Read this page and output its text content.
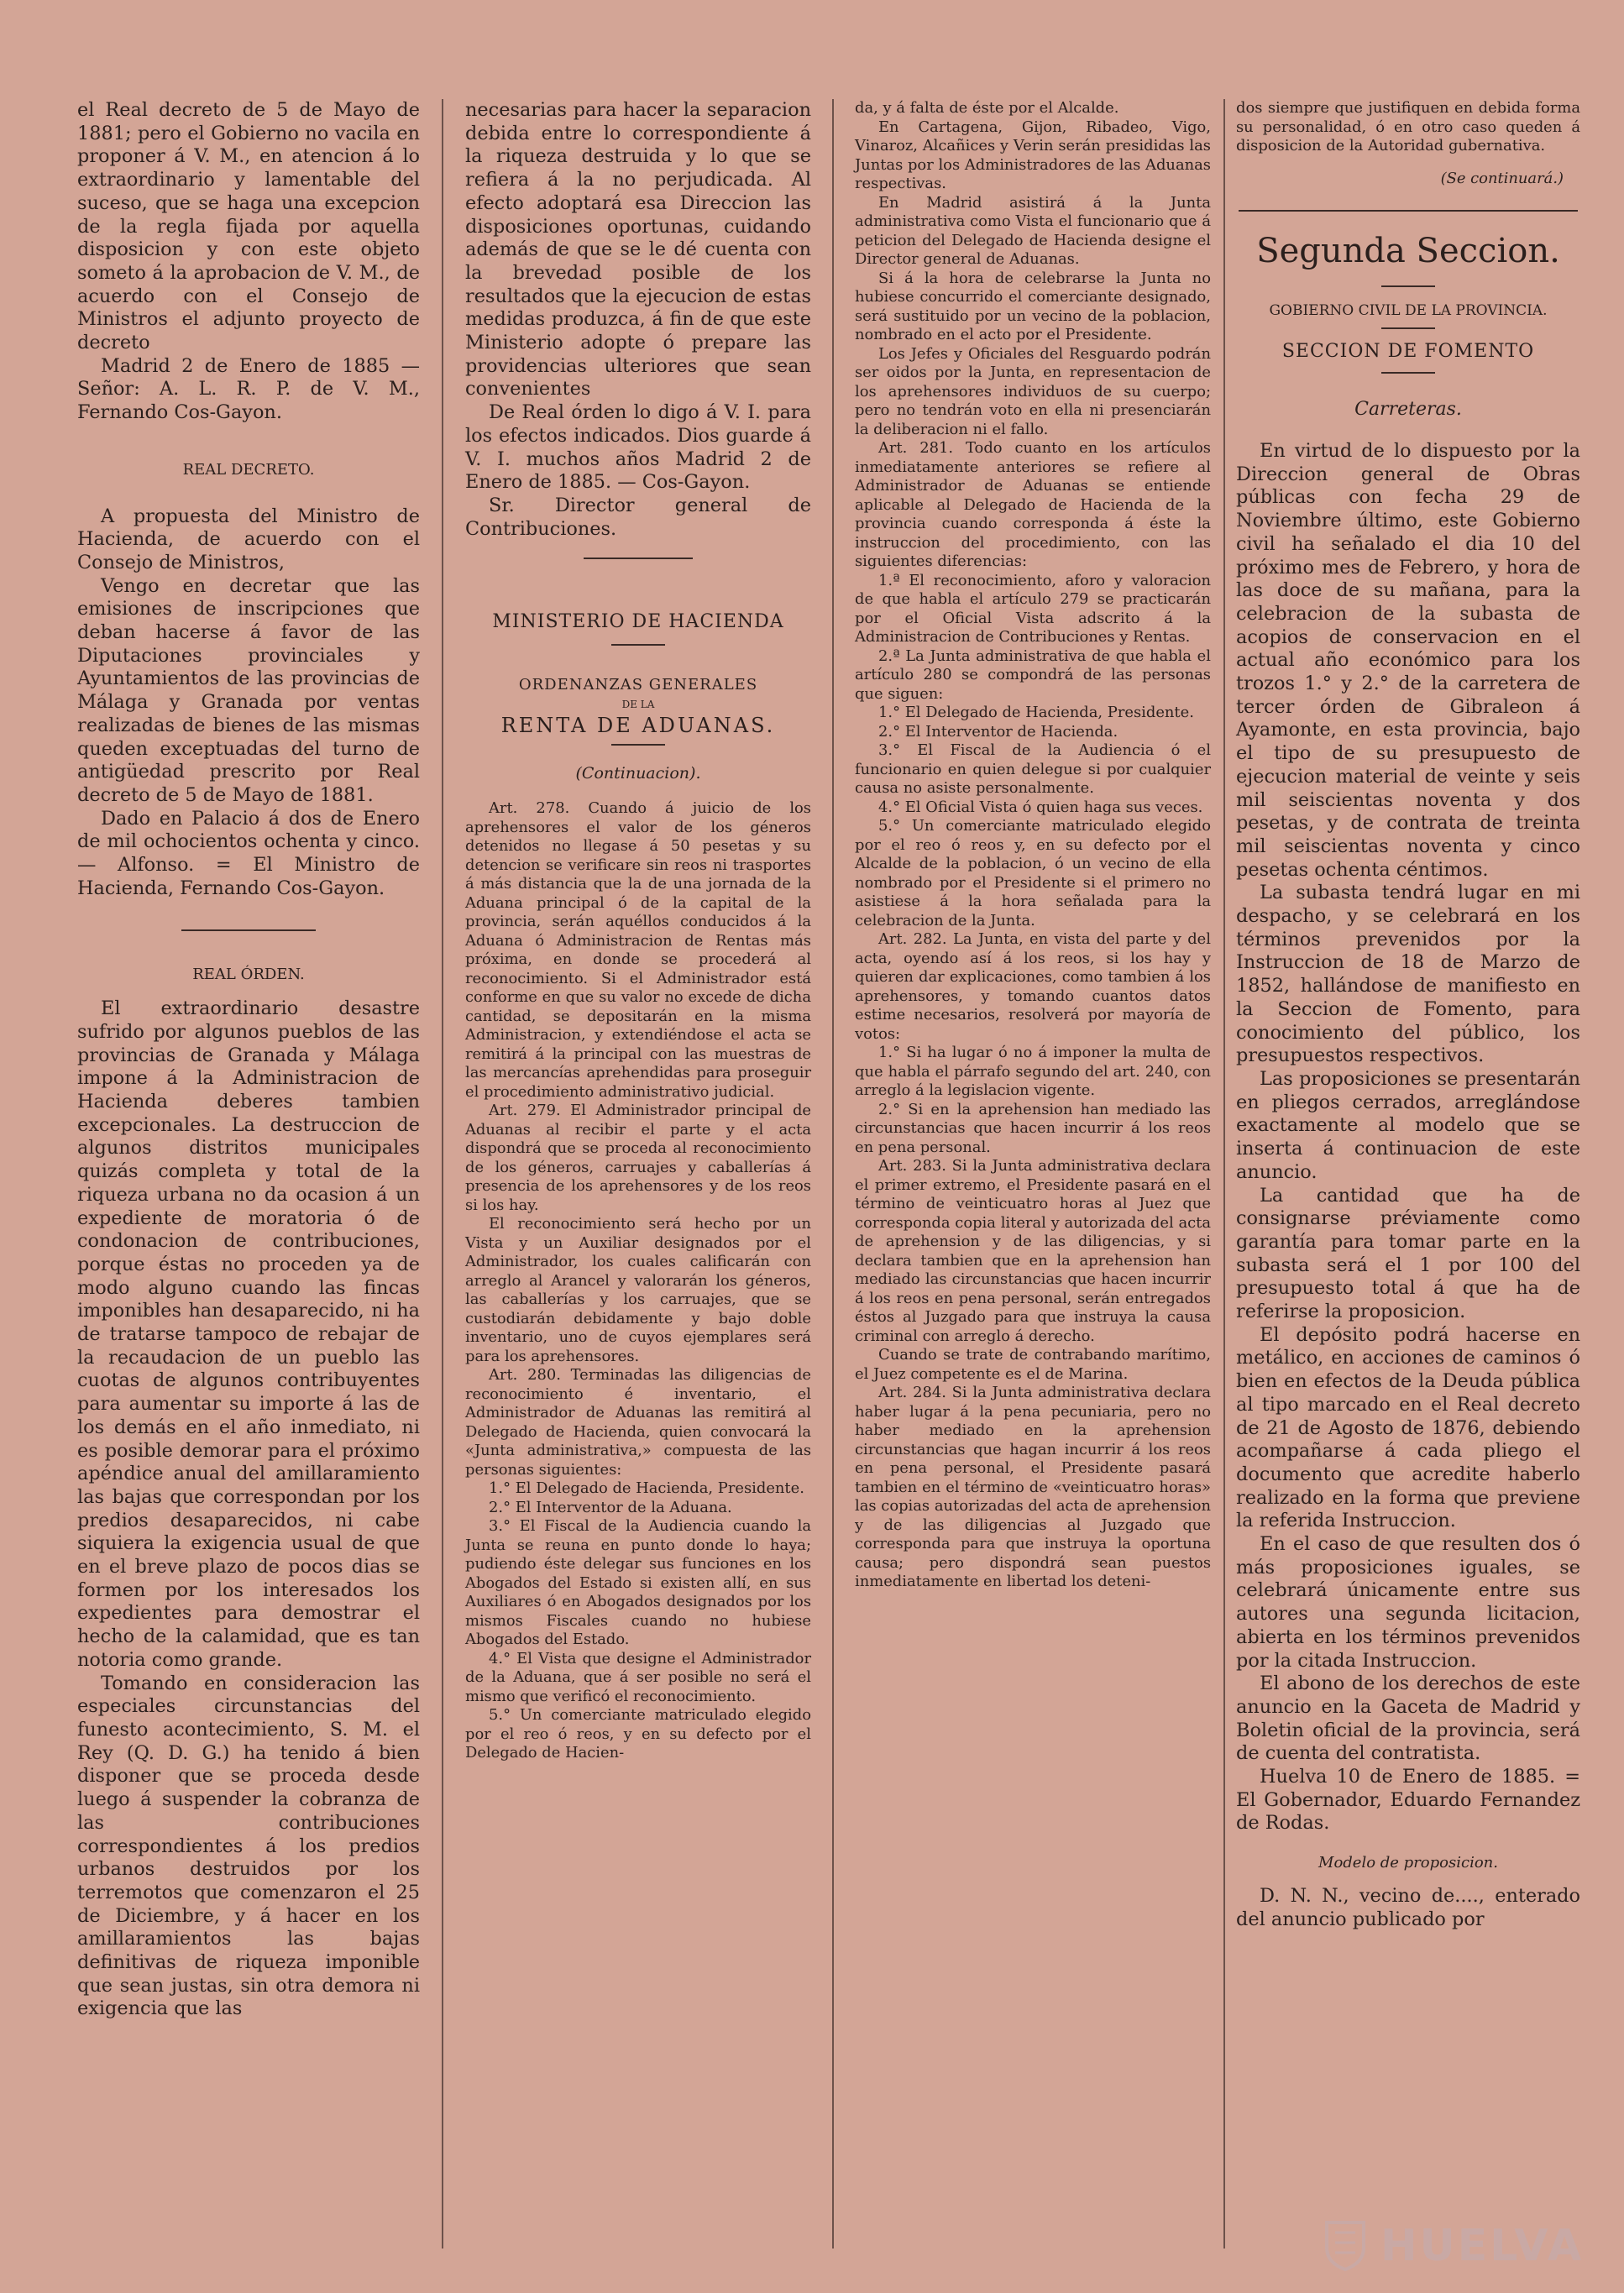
el Real decreto de 5 de Mayo de 1881; pero el Gobierno no vacila en proponer á V. M., en atencion á lo extraordinario y lamentable del suceso, que se haga una excepcion de la regla fijada por aquella disposicion y con este objeto someto á la aprobacion de V. M., de acuerdo con el Consejo de Ministros el adjunto proyecto de decreto

Madrid 2 de Enero de 1885 — Señor: A. L. R. P. de V. M., Fernando Cos-Gayon.

REAL DECRETO.

A propuesta del Ministro de Hacienda, de acuerdo con el Consejo de Ministros,

Vengo en decretar que las emisiones de inscripciones que deban hacerse á favor de las Diputaciones provinciales y Ayuntamientos de las provincias de Málaga y Granada por ventas realizadas de bienes de las mismas queden exceptuadas del turno de antigüedad prescrito por Real decreto de 5 de Mayo de 1881.

Dado en Palacio á dos de Enero de mil ochocientos ochenta y cinco. — Alfonso. = El Ministro de Hacienda, Fernando Cos-Gayon.

REAL ÓRDEN.

El extraordinario desastre sufrido por algunos pueblos de las provincias de Granada y Málaga impone á la Administracion de Hacienda deberes tambien excepcionales. La destruccion de algunos distritos municipales quizás completa y total de la riqueza urbana no da ocasion á un expediente de moratoria ó de condonacion de contribuciones, porque éstas no proceden ya de modo alguno cuando las fincas imponibles han desaparecido, ni ha de tratarse tampoco de rebajar de la recaudacion de un pueblo las cuotas de algunos contribuyentes para aumentar su importe á las de los demás en el año inmediato, ni es posible demorar para el próximo apéndice anual del amillaramiento las bajas que correspondan por los predios desaparecidos, ni cabe siquiera la exigencia usual de que en el breve plazo de pocos dias se formen por los interesados los expedientes para demostrar el hecho de la calamidad, que es tan notoria como grande.

Tomando en consideracion las especiales circunstancias del funesto acontecimiento, S. M. el Rey (Q. D. G.) ha tenido á bien disponer que se proceda desde luego á suspender la cobranza de las contribuciones correspondientes á los predios urbanos destruidos por los terremotos que comenzaron el 25 de Diciembre, y á hacer en los amillaramientos las bajas definitivas de riqueza imponible que sean justas, sin otra demora ni exigencia que las

necesarias para hacer la separacion debida entre lo correspondiente á la riqueza destruida y lo que se refiera á la no perjudicada. Al efecto adoptará esa Direccion las disposiciones oportunas, cuidando además de que se le dé cuenta con la brevedad posible de los resultados que la ejecucion de estas medidas produzca, á fin de que este Ministerio adopte ó prepare las providencias ulteriores que sean convenientes

De Real órden lo digo á V. I. para los efectos indicados. Dios guarde á V. I. muchos años Madrid 2 de Enero de 1885. — Cos-Gayon.

Sr. Director general de Contribuciones.

MINISTERIO DE HACIENDA

ORDENANZAS GENERALES

DE LA

RENTA DE ADUANAS.

(Continuacion).

Art. 278. Cuando á juicio de los aprehensores el valor de los géneros detenidos no llegase á 50 pesetas y su detencion se verificare sin reos ni trasportes á más distancia que la de una jornada de la Aduana principal ó de la capital de la provincia, serán aquéllos conducidos á la Aduana ó Administracion de Rentas más próxima, en donde se procederá al reconocimiento. Si el Administrador está conforme en que su valor no excede de dicha cantidad, se depositarán en la misma Administracion, y extendiéndose el acta se remitirá á la principal con las muestras de las mercancías aprehendidas para proseguir el procedimiento administrativo judicial.

Art. 279. El Administrador principal de Aduanas al recibir el parte y el acta dispondrá que se proceda al reconocimiento de los géneros, carruajes y caballerías á presencia de los aprehensores y de los reos si los hay.

El reconocimiento será hecho por un Vista y un Auxiliar designados por el Administrador, los cuales calificarán con arreglo al Arancel y valorarán los géneros, las caballerías y los carruajes, que se custodiarán debidamente y bajo doble inventario, uno de cuyos ejemplares será para los aprehensores.

Art. 280. Terminadas las diligencias de reconocimiento é inventario, el Administrador de Aduanas las remitirá al Delegado de Hacienda, quien convocará la «Junta administrativa,» compuesta de las personas siguientes:

1.° El Delegado de Hacienda, Presidente.

2.° El Interventor de la Aduana.

3.° El Fiscal de la Audiencia cuando la Junta se reuna en punto donde lo haya; pudiendo éste delegar sus funciones en los Abogados del Estado si existen allí, en sus Auxiliares ó en Abogados designados por los mismos Fiscales cuando no hubiese Abogados del Estado.

4.° El Vista que designe el Administrador de la Aduana, que á ser posible no será el mismo que verificó el reconocimiento.

5.° Un comerciante matriculado elegido por el reo ó reos, y en su defecto por el Delegado de Hacien-

da, y á falta de éste por el Alcalde.

En Cartagena, Gijon, Ribadeo, Vigo, Vinaroz, Alcañices y Verin serán presididas las Juntas por los Administradores de las Aduanas respectivas.

En Madrid asistirá á la Junta administrativa como Vista el funcionario que á peticion del Delegado de Hacienda designe el Director general de Aduanas.

Si á la hora de celebrarse la Junta no hubiese concurrido el comerciante designado, será sustituido por un vecino de la poblacion, nombrado en el acto por el Presidente.

Los Jefes y Oficiales del Resguardo podrán ser oidos por la Junta, en representacion de los aprehensores individuos de su cuerpo; pero no tendrán voto en ella ni presenciarán la deliberacion ni el fallo.

Art. 281. Todo cuanto en los artículos inmediatamente anteriores se refiere al Administrador de Aduanas se entiende aplicable al Delegado de Hacienda de la provincia cuando corresponda á éste la instruccion del procedimiento, con las siguientes diferencias:

1.ª El reconocimiento, aforo y valoracion de que habla el artículo 279 se practicarán por el Oficial Vista adscrito á la Administracion de Contribuciones y Rentas.

2.ª La Junta administrativa de que habla el artículo 280 se compondrá de las personas que siguen:

1.° El Delegado de Hacienda, Presidente.

2.° El Interventor de Hacienda.

3.° El Fiscal de la Audiencia ó el funcionario en quien delegue si por cualquier causa no asiste personalmente.

4.° El Oficial Vista ó quien haga sus veces.

5.° Un comerciante matriculado elegido por el reo ó reos y, en su defecto por el Alcalde de la poblacion, ó un vecino de ella nombrado por el Presidente si el primero no asistiese á la hora señalada para la celebracion de la Junta.

Art. 282. La Junta, en vista del parte y del acta, oyendo así á los reos, si los hay y quieren dar explicaciones, como tambien á los aprehensores, y tomando cuantos datos estime necesarios, resolverá por mayoría de votos:

1.° Si ha lugar ó no á imponer la multa de que habla el párrafo segundo del art. 240, con arreglo á la legislacion vigente.

2.° Si en la aprehension han mediado las circunstancias que hacen incurrir á los reos en pena personal.

Art. 283. Si la Junta administrativa declara el primer extremo, el Presidente pasará en el término de veinticuatro horas al Juez que corresponda copia literal y autorizada del acta de aprehension y de las diligencias, y si declara tambien que en la aprehension han mediado las circunstancias que hacen incurrir á los reos en pena personal, serán entregados éstos al Juzgado para que instruya la causa criminal con arreglo á derecho.

Cuando se trate de contrabando marítimo, el Juez competente es el de Marina.

Art. 284. Si la Junta administrativa declara haber lugar á la pena pecuniaria, pero no haber mediado en la aprehension circunstancias que hagan incurrir á los reos en pena personal, el Presidente pasará tambien en el término de «veinticuatro horas» las copias autorizadas del acta de aprehension y de las diligencias al Juzgado que corresponda para que instruya la oportuna causa; pero dispondrá sean puestos inmediatamente en libertad los deteni-

dos siempre que justifiquen en debida forma su personalidad, ó en otro caso queden á disposicion de la Autoridad gubernativa.

(Se continuará.)

Segunda Seccion.

GOBIERNO CIVIL DE LA PROVINCIA.

SECCION DE FOMENTO

Carreteras.

En virtud de lo dispuesto por la Direccion general de Obras públicas con fecha 29 de Noviembre último, este Gobierno civil ha señalado el dia 10 del próximo mes de Febrero, y hora de las doce de su mañana, para la celebracion de la subasta de acopios de conservacion en el actual año económico para los trozos 1.° y 2.° de la carretera de tercer órden de Gibraleon á Ayamonte, en esta provincia, bajo el tipo de su presupuesto de ejecucion material de veinte y seis mil seiscientas noventa y dos pesetas, y de contrata de treinta mil seiscientas noventa y cinco pesetas ochenta céntimos.

La subasta tendrá lugar en mi despacho, y se celebrará en los términos prevenidos por la Instruccion de 18 de Marzo de 1852, hallándose de manifiesto en la Seccion de Fomento, para conocimiento del público, los presupuestos respectivos.

Las proposiciones se presentarán en pliegos cerrados, arreglándose exactamente al modelo que se inserta á continuacion de este anuncio.

La cantidad que ha de consignarse préviamente como garantía para tomar parte en la subasta será el 1 por 100 del presupuesto total á que ha de referirse la proposicion.

El depósito podrá hacerse en metálico, en acciones de caminos ó bien en efectos de la Deuda pública al tipo marcado en el Real decreto de 21 de Agosto de 1876, debiendo acompañarse á cada pliego el documento que acredite haberlo realizado en la forma que previene la referida Instruccion.

En el caso de que resulten dos ó más proposiciones iguales, se celebrará únicamente entre sus autores una segunda licitacion, abierta en los términos prevenidos por la citada Instruccion.

El abono de los derechos de este anuncio en la Gaceta de Madrid y Boletin oficial de la provincia, será de cuenta del contratista.

Huelva 10 de Enero de 1885. = El Gobernador, Eduardo Fernandez de Rodas.

Modelo de proposicion.

D. N. N., vecino de...., enterado del anuncio publicado por

HUELVA
